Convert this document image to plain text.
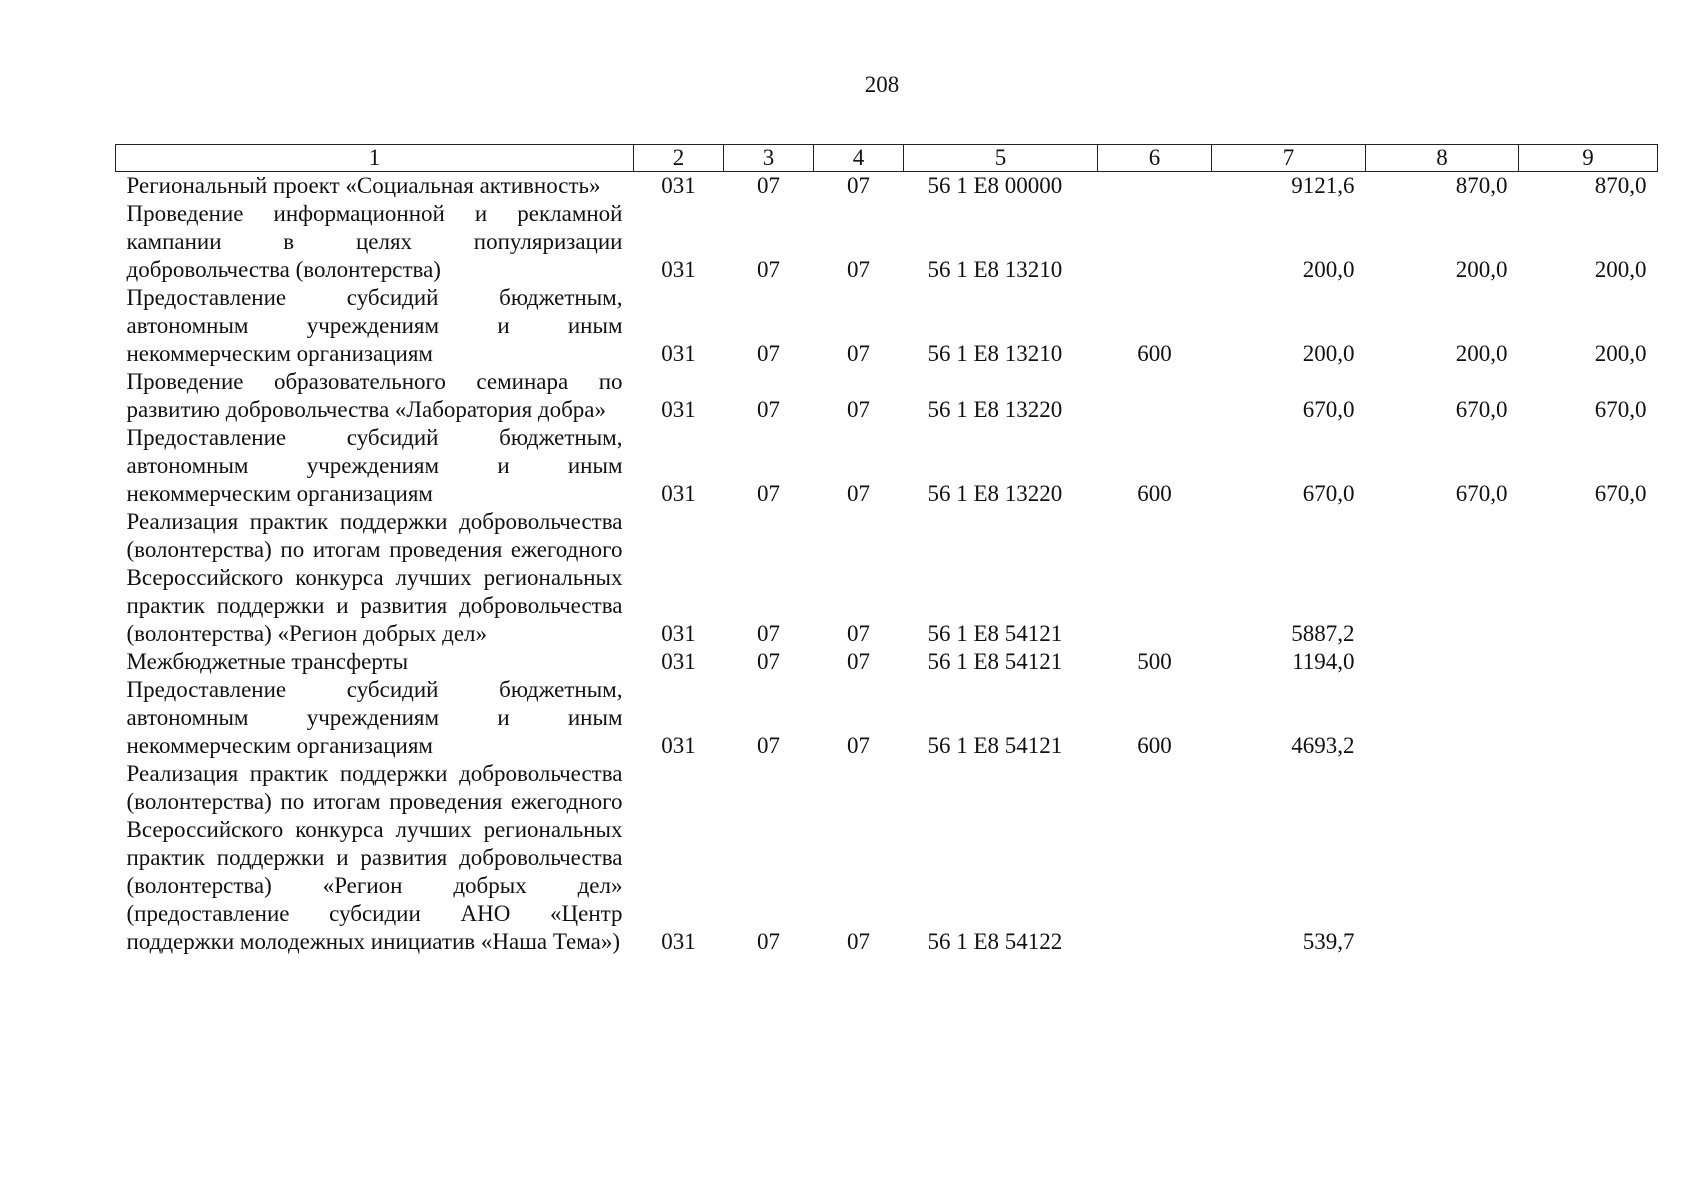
208
1	2	3	4	5	6	7	8	9
Региональный проект «Социальная активность»	031	07	07	56 1 E8 00000		9121,6	870,0	870,0
Проведение информационной и рекламной кампании в целях популяризации добровольчества (волонтерства)	031	07	07	56 1 E8 13210		200,0	200,0	200,0
Предоставление субсидий бюджетным, автономным учреждениям и иным некоммерческим организациям	031	07	07	56 1 E8 13210	600	200,0	200,0	200,0
Проведение образовательного семинара по развитию добровольчества «Лаборатория добра»	031	07	07	56 1 E8 13220		670,0	670,0	670,0
Предоставление субсидий бюджетным, автономным учреждениям и иным некоммерческим организациям	031	07	07	56 1 E8 13220	600	670,0	670,0	670,0
Реализация практик поддержки добровольчества (волонтерства) по итогам проведения ежегодного Всероссийского конкурса лучших региональных практик поддержки и развития добровольчества (волонтерства) «Регион добрых дел»	031	07	07	56 1 E8 54121		5887,2		
Межбюджетные трансферты	031	07	07	56 1 E8 54121	500	1194,0		
Предоставление субсидий бюджетным, автономным учреждениям и иным некоммерческим организациям	031	07	07	56 1 E8 54121	600	4693,2		
Реализация практик поддержки добровольчества (волонтерства) по итогам проведения ежегодного Всероссийского конкурса лучших региональных практик поддержки и развития добровольчества (волонтерства) «Регион добрых дел» (предоставление субсидии АНО «Центр поддержки молодежных инициатив «Наша Тема»)	031	07	07	56 1 E8 54122		539,7		
